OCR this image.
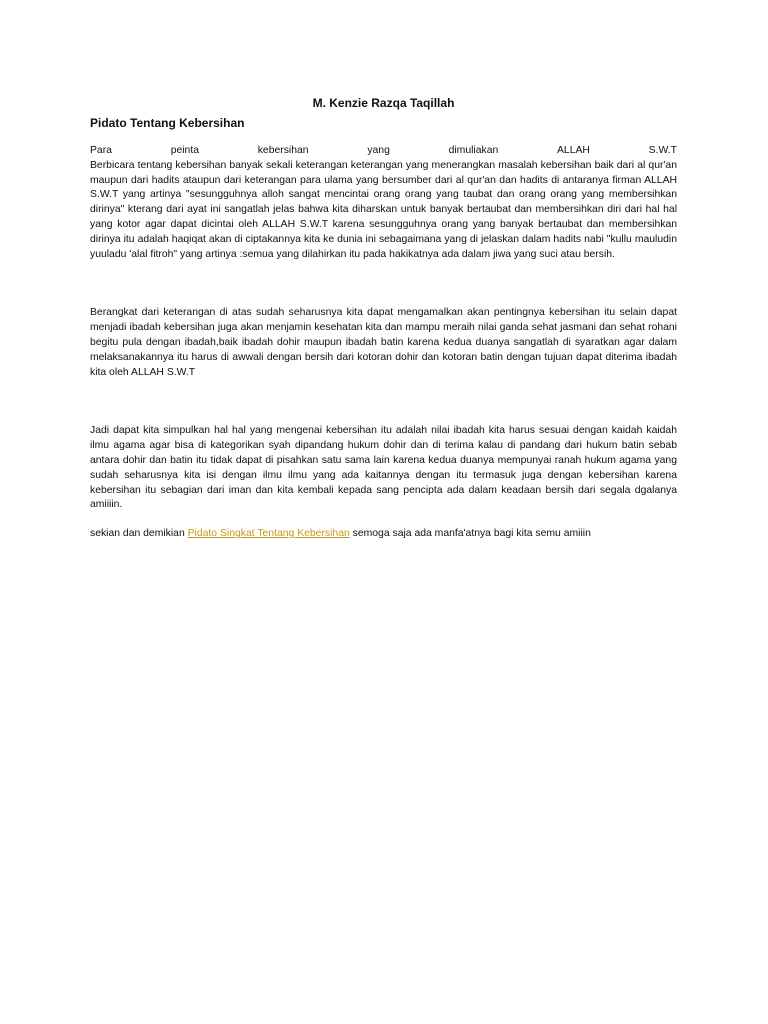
M. Kenzie Razqa Taqillah
Pidato Tentang Kebersihan
Para	peinta	kebersihan	yang	dimuliakan	ALLAH	S.W.T

Berbicara tentang kebersihan banyak sekali keterangan keterangan yang menerangkan masalah kebersihan baik dari al qur'an maupun dari hadits ataupun dari keterangan para ulama yang bersumber dari al qur'an dan hadits di antaranya firman ALLAH S.W.T yang artinya "sesungguhnya alloh sangat mencintai orang orang yang taubat dan orang orang yang membersihkan dirinya" kterang dari ayat ini sangatlah jelas bahwa kita diharskan untuk banyak bertaubat dan membersihkan diri dari hal hal yang kotor agar dapat dicintai oleh ALLAH S.W.T karena sesungguhnya orang yang banyak bertaubat dan membersihkan dirinya itu adalah haqiqat akan di ciptakannya kita ke dunia ini sebagaimana yang di jelaskan dalam hadits nabi "kullu mauludin yuuladu 'alal fitroh" yang artinya :semua yang dilahirkan itu pada hakikatnya ada dalam jiwa yang suci atau bersih.

Berangkat dari keterangan di atas sudah seharusnya kita dapat mengamalkan akan pentingnya kebersihan itu selain dapat menjadi ibadah kebersihan juga akan menjamin kesehatan kita dan mampu meraih nilai ganda sehat jasmani dan sehat rohani begitu pula dengan ibadah,baik ibadah dohir maupun ibadah batin karena kedua duanya sangatlah di syaratkan agar dalam melaksanakannya itu harus di awwali dengan bersih dari kotoran dohir dan kotoran batin dengan tujuan dapat diterima ibadah kita oleh ALLAH S.W.T

Jadi dapat kita simpulkan hal hal yang mengenai kebersihan itu adalah nilai ibadah kita harus sesuai dengan kaidah kaidah ilmu agama agar bisa di kategorikan syah dipandang hukum dohir dan di terima kalau di pandang dari hukum batin sebab antara dohir dan batin itu tidak dapat di pisahkan satu sama lain karena kedua duanya mempunyai ranah hukum agama yang sudah seharusnya kita isi dengan ilmu ilmu yang ada kaitannya dengan itu termasuk juga dengan kebersihan karena kebersihan itu sebagian dari iman dan kita kembali kepada sang pencipta ada dalam keadaan bersih dari segala dgalanya amiiiin.

sekian dan demikian Pidato Singkat Tentang Kebersihan semoga saja ada manfa'atnya bagi kita semu amiiin
